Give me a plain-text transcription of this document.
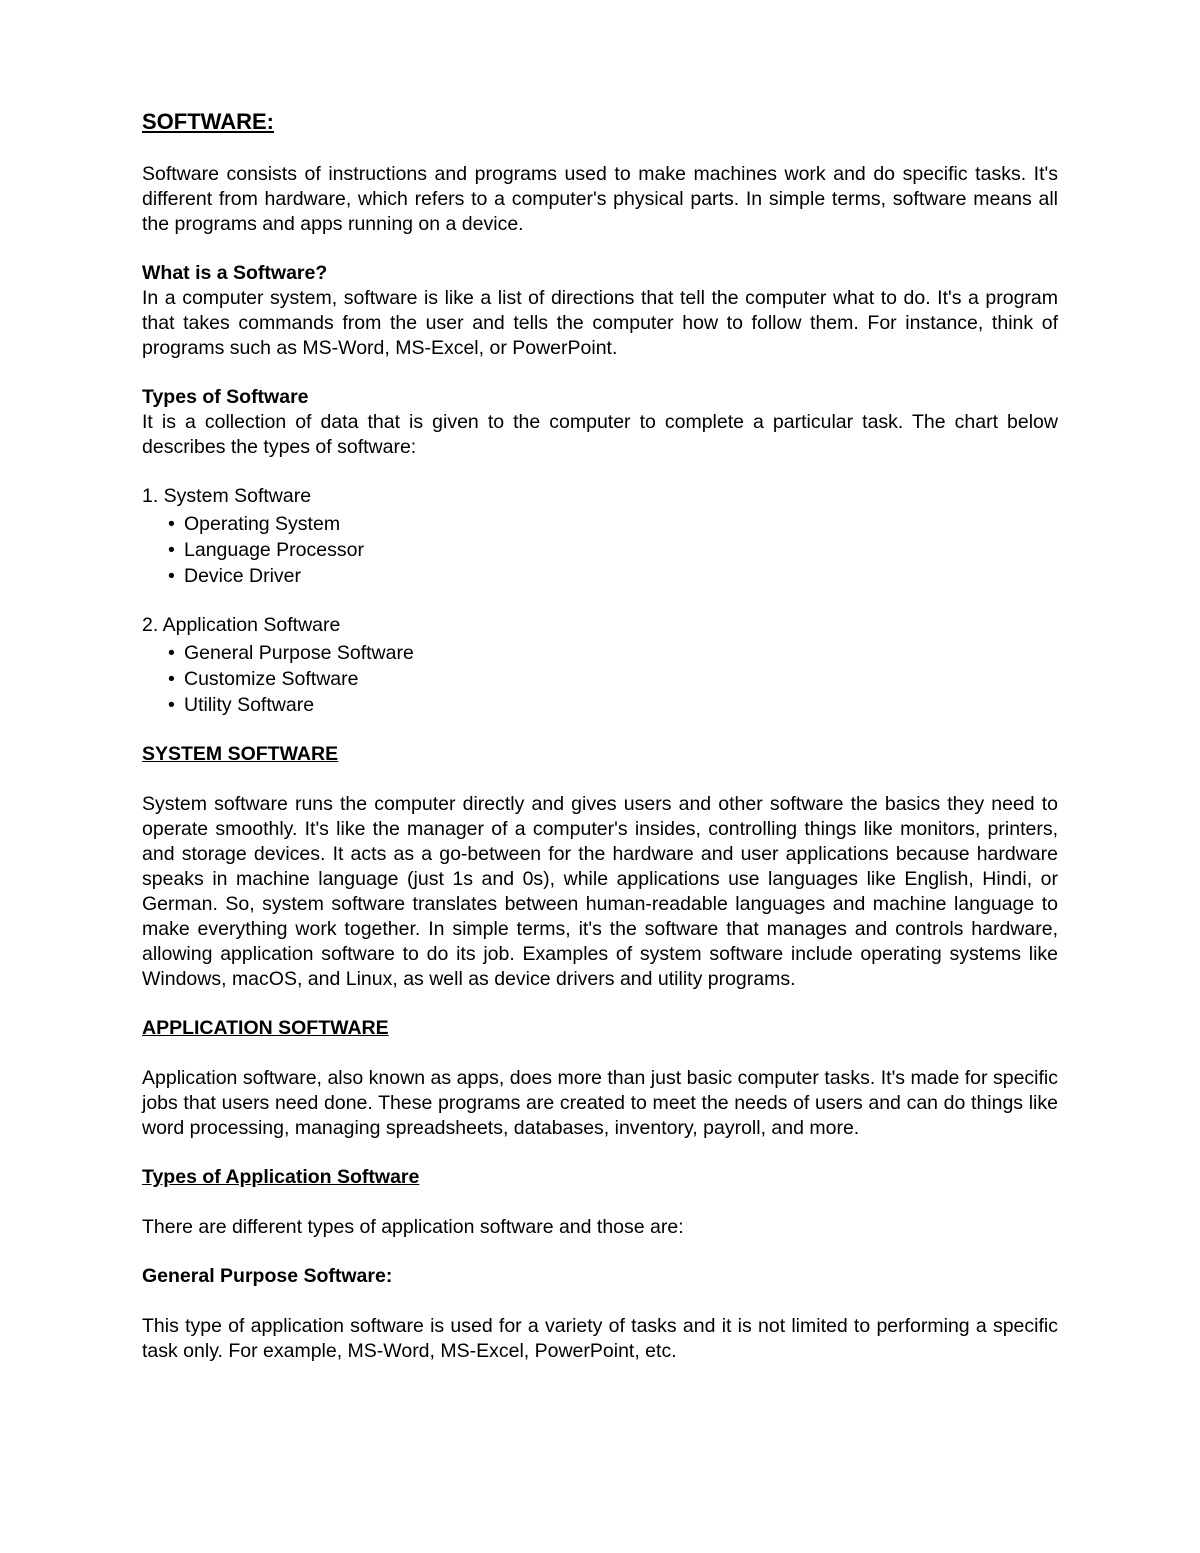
SOFTWARE:

Software consists of instructions and programs used to make machines work and do specific tasks. It's different from hardware, which refers to a computer's physical parts. In simple terms, software means all the programs and apps running on a device.

What is a Software?

In a computer system, software is like a list of directions that tell the computer what to do. It's a program that takes commands from the user and tells the computer how to follow them. For instance, think of programs such as MS-Word, MS-Excel, or PowerPoint.

Types of Software

It is a collection of data that is given to the computer to complete a particular task. The chart below describes the types of software:

1. System Software
• Operating System
• Language Processor
• Device Driver
2. Application Software
• General Purpose Software
• Customize Software
• Utility Software
SYSTEM SOFTWARE

System software runs the computer directly and gives users and other software the basics they need to operate smoothly. It's like the manager of a computer's insides, controlling things like monitors, printers, and storage devices. It acts as a go-between for the hardware and user applications because hardware speaks in machine language (just 1s and 0s), while applications use languages like English, Hindi, or German. So, system software translates between human-readable languages and machine language to make everything work together. In simple terms, it's the software that manages and controls hardware, allowing application software to do its job. Examples of system software include operating systems like Windows, macOS, and Linux, as well as device drivers and utility programs.

APPLICATION SOFTWARE

Application software, also known as apps, does more than just basic computer tasks. It's made for specific jobs that users need done. These programs are created to meet the needs of users and can do things like word processing, managing spreadsheets, databases, inventory, payroll, and more.

Types of Application Software

There are different types of application software and those are:

General Purpose Software:

This type of application software is used for a variety of tasks and it is not limited to performing a specific task only. For example, MS-Word, MS-Excel, PowerPoint, etc.
